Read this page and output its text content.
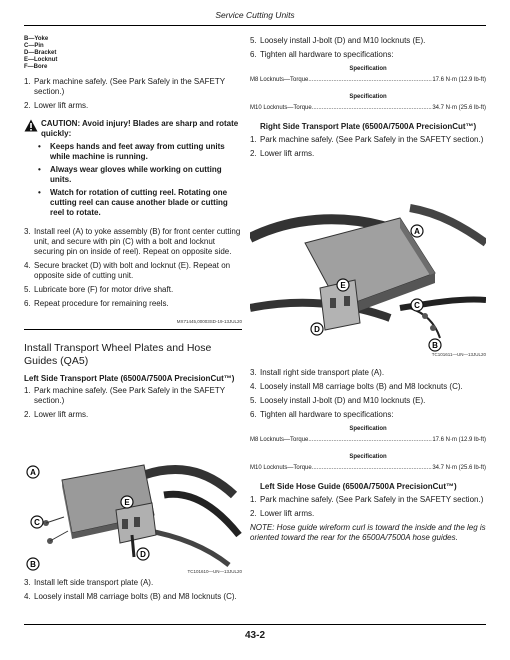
Service Cutting Units
B—Yoke
C—Pin
D—Bracket
E—Locknut
F—Bore
1. Park machine safely. (See Park Safely in the SAFETY section.)
2. Lower lift arms.
CAUTION: Avoid injury! Blades are sharp and rotate quickly:
•	Keeps hands and feet away from cutting units while machine is running.
•	Always wear gloves while working on cutting units.
•	Watch for rotation of cutting reel. Rotating one cutting reel can cause another blade or cutting reel to rotate.
3. Install reel (A) to yoke assembly (B) for front center cutting unit, and secure with pin (C) with a bolt and locknut securing pin on inside of reel). Repeat on opposite side.
4. Secure bracket (D) with bolt and locknut (E). Repeat on opposite side of cutting unit.
5. Lubricate bore (F) for motor drive shaft.
6. Repeat procedure for remaining reels.
MX71445,00003SD-19-13JUL20
Install Transport Wheel Plates and Hose Guides (QA5)
Left Side Transport Plate (6500A/7500A PrecisionCut™)
1. Park machine safely. (See Park Safely in the SAFETY section.)
2. Lower lift arms.
A
C
E
D
B
TC101610—UN—13JUL20
3. Install left side transport plate (A).
4. Loosely install M8 carriage bolts (B) and M8 locknuts (C).
5. Loosely install J-bolt (D) and M10 locknuts (E).
6. Tighten all hardware to specifications:
Specification
M8 Locknuts—Torque .....	17.6 N·m (12.9 lb-ft)
Specification
M10 Locknuts—Torque .....	34.7 N·m (25.6 lb-ft)
Right Side Transport Plate (6500A/7500A PrecisionCut™)
1. Park machine safely. (See Park Safely in the SAFETY section.)
2. Lower lift arms.
A
E
C
D
B
TC101611—UN—13JUL20
3. Install right side transport plate (A).
4. Loosely install M8 carriage bolts (B) and M8 locknuts (C).
5. Loosely install J-bolt (D) and M10 locknuts (E).
6. Tighten all hardware to specifications:
Specification
M8 Locknuts—Torque .....	17.6 N·m (12.9 lb-ft)
Specification
M10 Locknuts—Torque .....	34.7 N·m (25.6 lb-ft)
Left Side Hose Guide (6500A/7500A PrecisionCut™)
1. Park machine safely. (See Park Safely in the SAFETY section.)
2. Lower lift arms.
NOTE: Hose guide wireform curl is toward the inside and the leg is oriented toward the rear for the 6500A/7500A hose guides.
43-2
